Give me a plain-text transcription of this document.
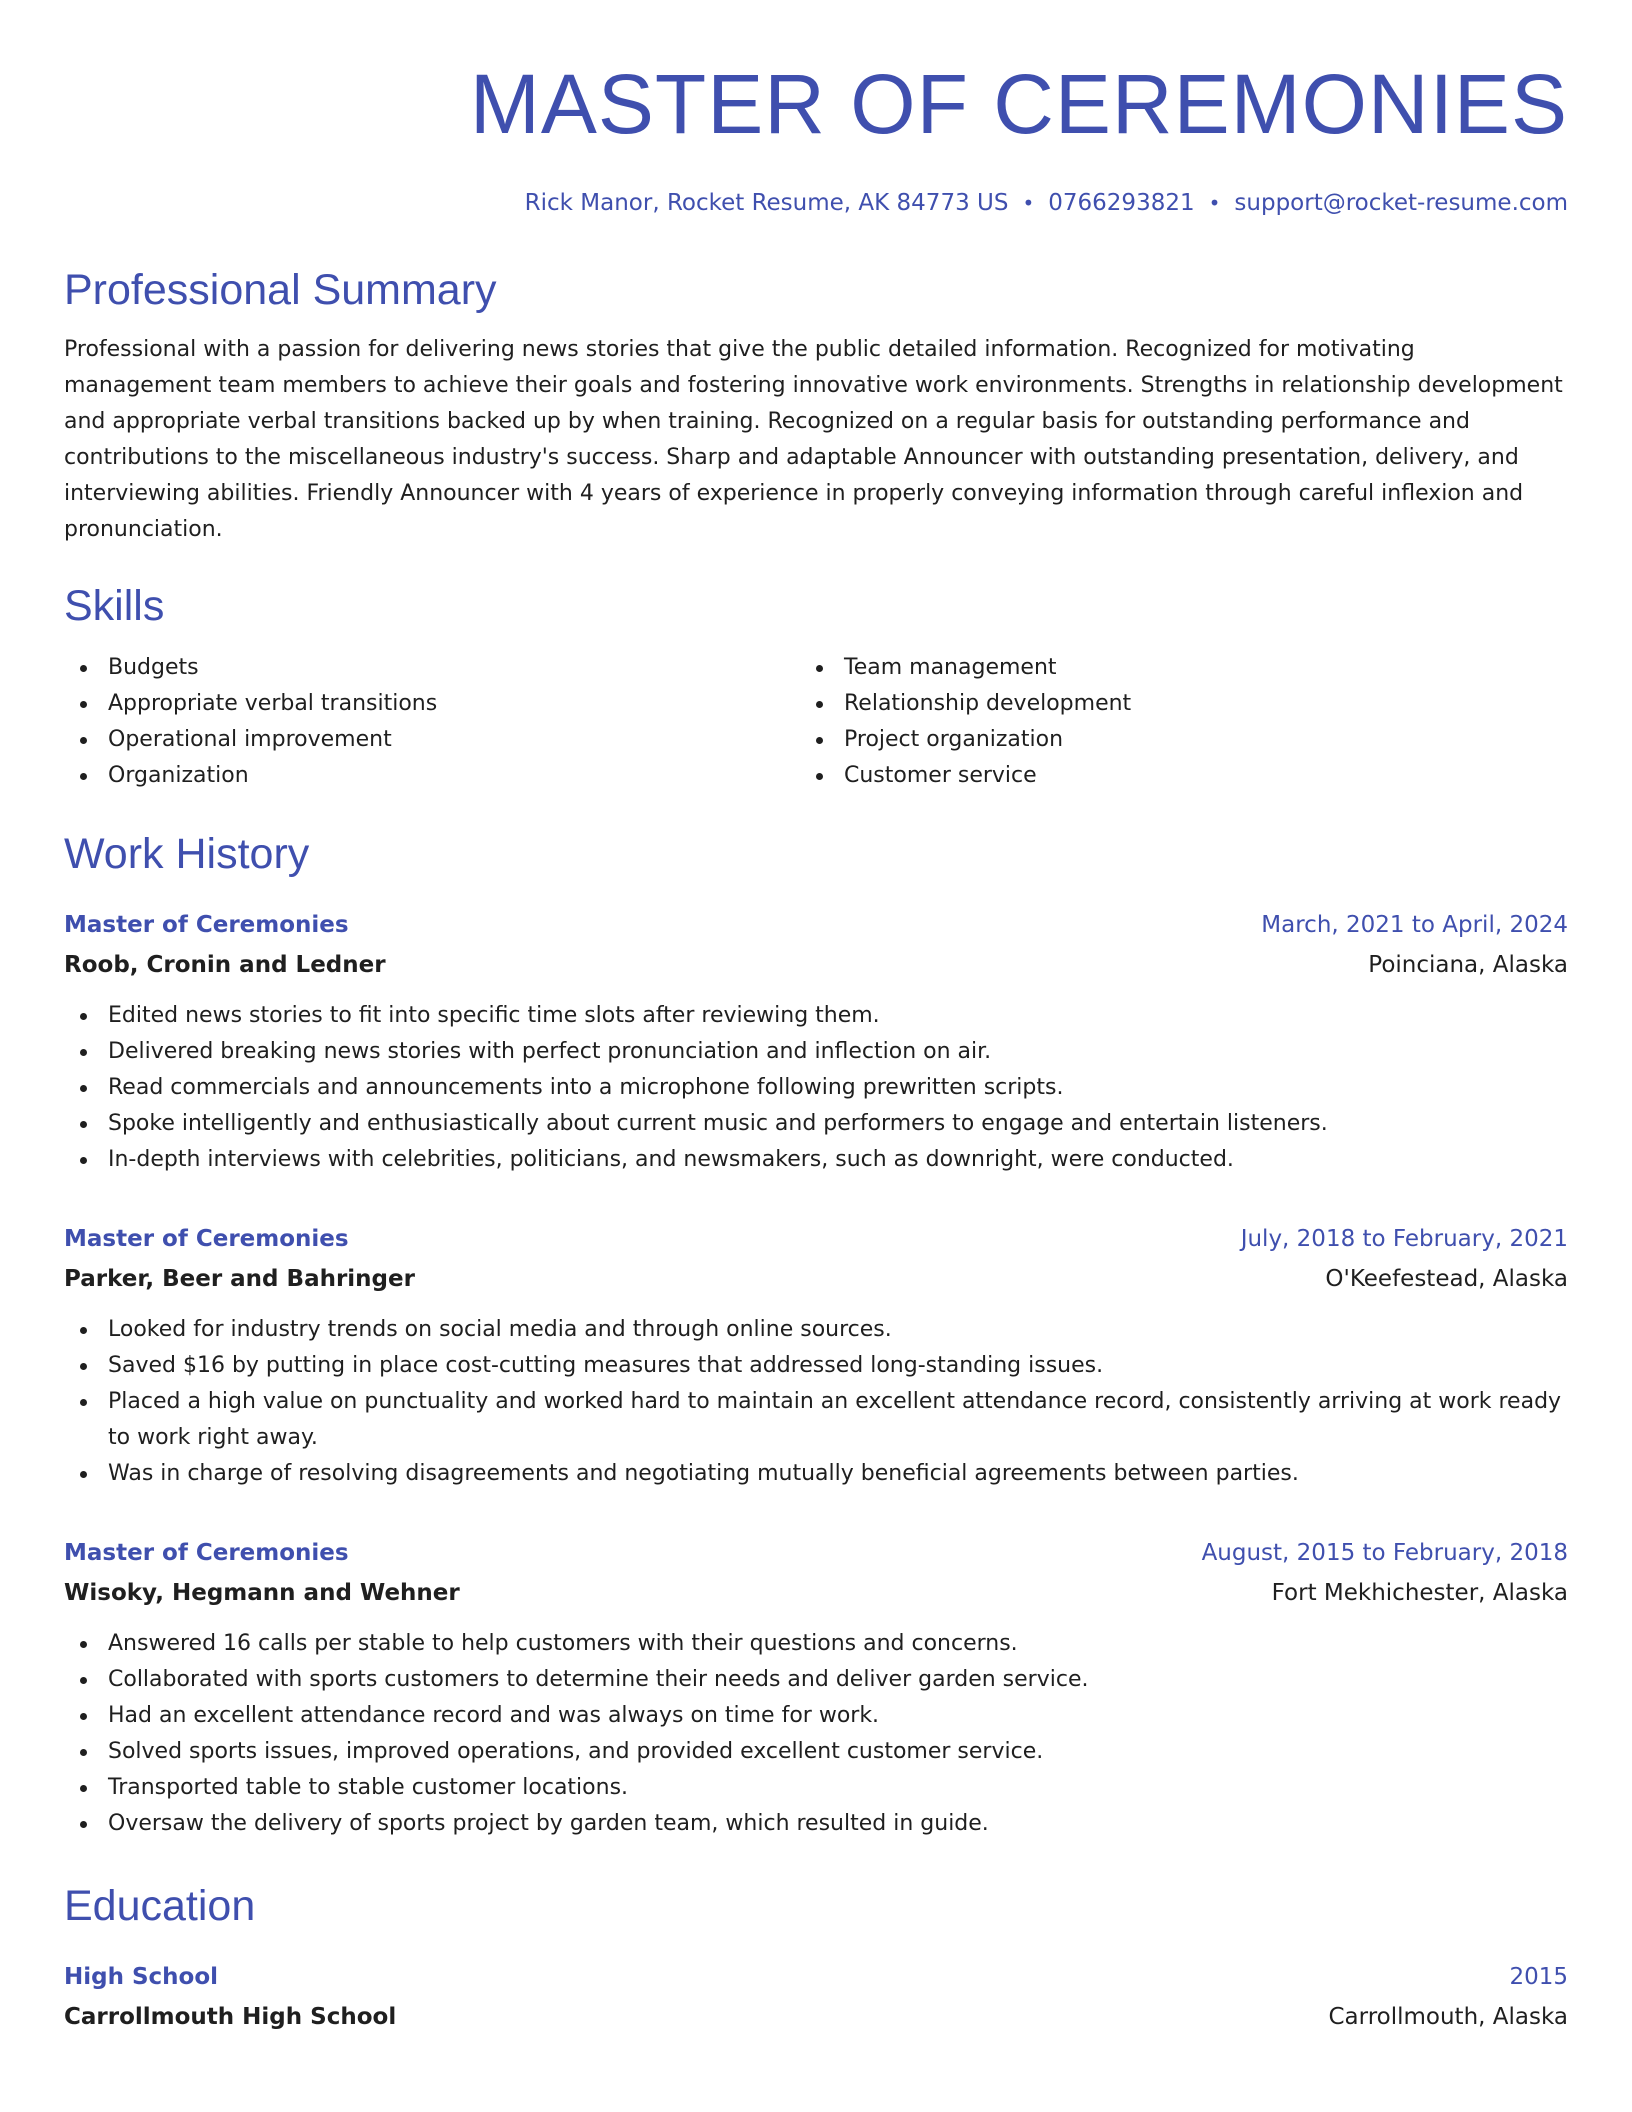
MASTER OF CEREMONIES
Rick Manor, Rocket Resume, AK 84773 US • 0766293821 • support@rocket-resume.com
Professional Summary
Professional with a passion for delivering news stories that give the public detailed information. Recognized for motivating management team members to achieve their goals and fostering innovative work environments. Strengths in relationship development and appropriate verbal transitions backed up by when training. Recognized on a regular basis for outstanding performance and contributions to the miscellaneous industry's success. Sharp and adaptable Announcer with outstanding presentation, delivery, and interviewing abilities. Friendly Announcer with 4 years of experience in properly conveying information through careful inflexion and pronunciation.
Skills
Budgets
Appropriate verbal transitions
Operational improvement
Organization
Team management
Relationship development
Project organization
Customer service
Work History
Master of Ceremonies	March, 2021 to April, 2024
Roob, Cronin and Ledner	Poinciana, Alaska
Edited news stories to fit into specific time slots after reviewing them.
Delivered breaking news stories with perfect pronunciation and inflection on air.
Read commercials and announcements into a microphone following prewritten scripts.
Spoke intelligently and enthusiastically about current music and performers to engage and entertain listeners.
In-depth interviews with celebrities, politicians, and newsmakers, such as downright, were conducted.
Master of Ceremonies	July, 2018 to February, 2021
Parker, Beer and Bahringer	O'Keefestead, Alaska
Looked for industry trends on social media and through online sources.
Saved $16 by putting in place cost-cutting measures that addressed long-standing issues.
Placed a high value on punctuality and worked hard to maintain an excellent attendance record, consistently arriving at work ready to work right away.
Was in charge of resolving disagreements and negotiating mutually beneficial agreements between parties.
Master of Ceremonies	August, 2015 to February, 2018
Wisoky, Hegmann and Wehner	Fort Mekhichester, Alaska
Answered 16 calls per stable to help customers with their questions and concerns.
Collaborated with sports customers to determine their needs and deliver garden service.
Had an excellent attendance record and was always on time for work.
Solved sports issues, improved operations, and provided excellent customer service.
Transported table to stable customer locations.
Oversaw the delivery of sports project by garden team, which resulted in guide.
Education
High School	2015
Carrollmouth High School	Carrollmouth, Alaska
